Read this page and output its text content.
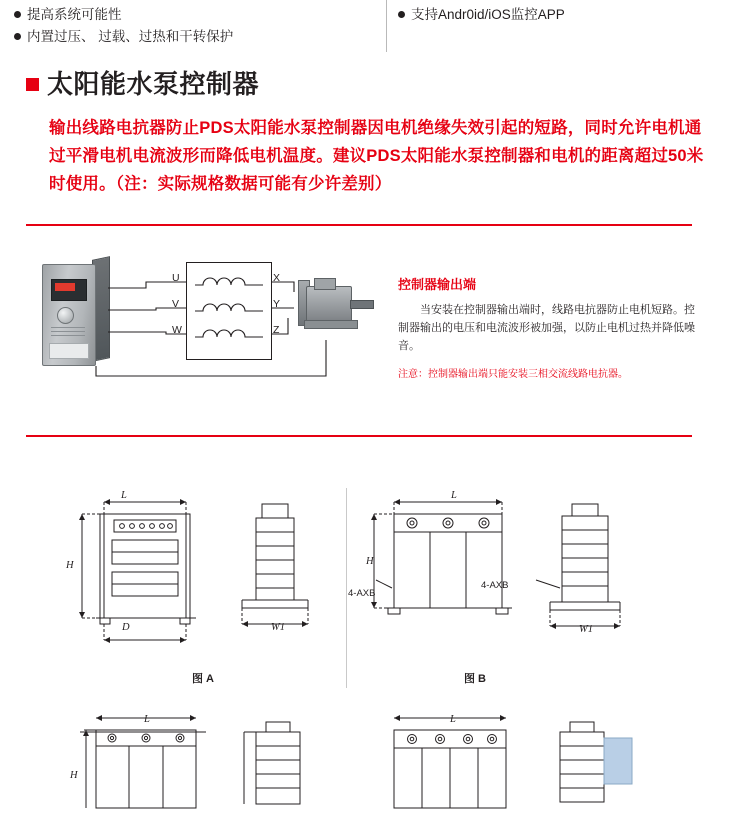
提高系统可能性
内置过压、 过载、过热和干转保护
支持Andr0id/iOS监控APP
太阳能水泵控制器
输出线路电抗器防止PDS太阳能水泵控制器因电机绝缘失效引起的短路，同时允许电机通过平滑电机电流波形而降低电机温度。建议PDS太阳能水泵控制器和电机的距离超过50米时使用。（注：实际规格数据可能有少许差别）
U
V
W
X
Y
Z
控制器输出端
当安装在控制器输出端时，线路电抗器防止电机短路。控制器输出的电压和电流波形被加强，以防止电机过热并降低噪音。
注意：控制器输出端只能安装三相交流线路电抗器。
L
H
D	W1
图 A
L
H
4-AXB
4-AXB
W1
图 B
L
H
L
